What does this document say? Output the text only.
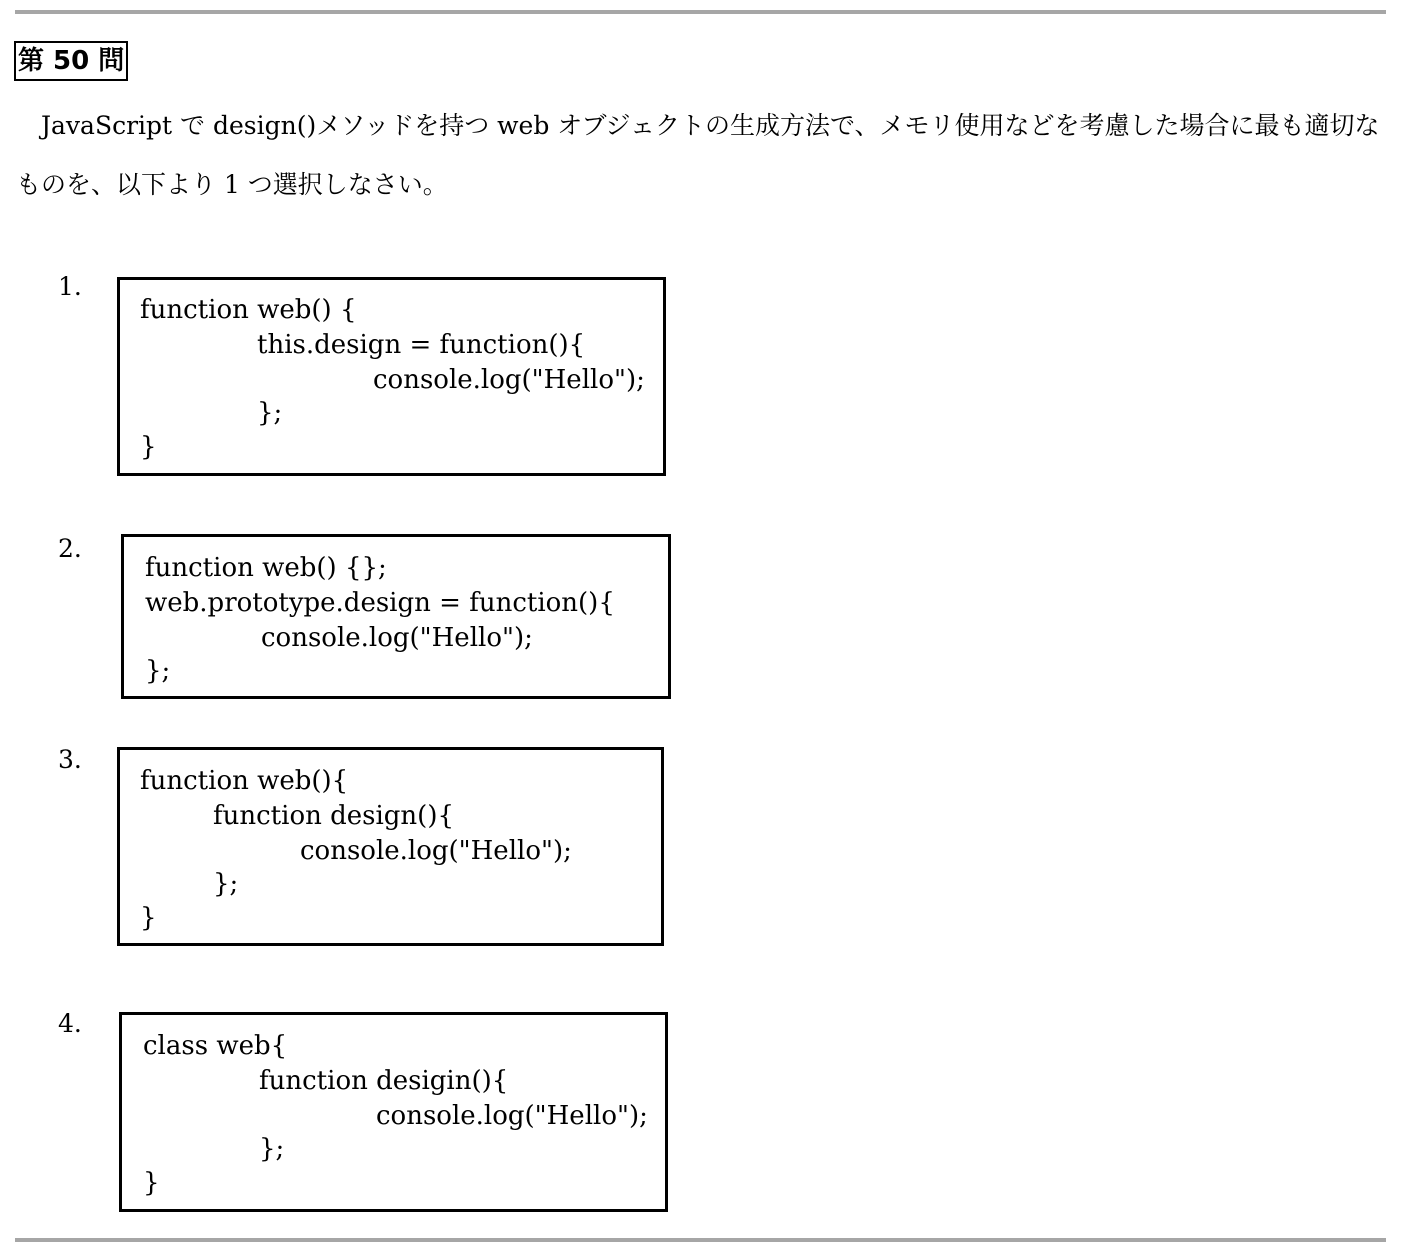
第 50 問

JavaScript で design()メソッドを持つ web オブジェクトの生成方法で、メモリ使用などを考慮した場合に最も適切なものを、以下より 1 つ選択しなさい。

1.
function web() {
this.design = function(){
console.log("Hello");
};
}
2.
function web() {};
web.prototype.design = function(){
console.log("Hello");
};
3.
function web(){
function design(){
console.log("Hello");
};
}
4.
class web{
function desigin(){
console.log("Hello");
};
}
